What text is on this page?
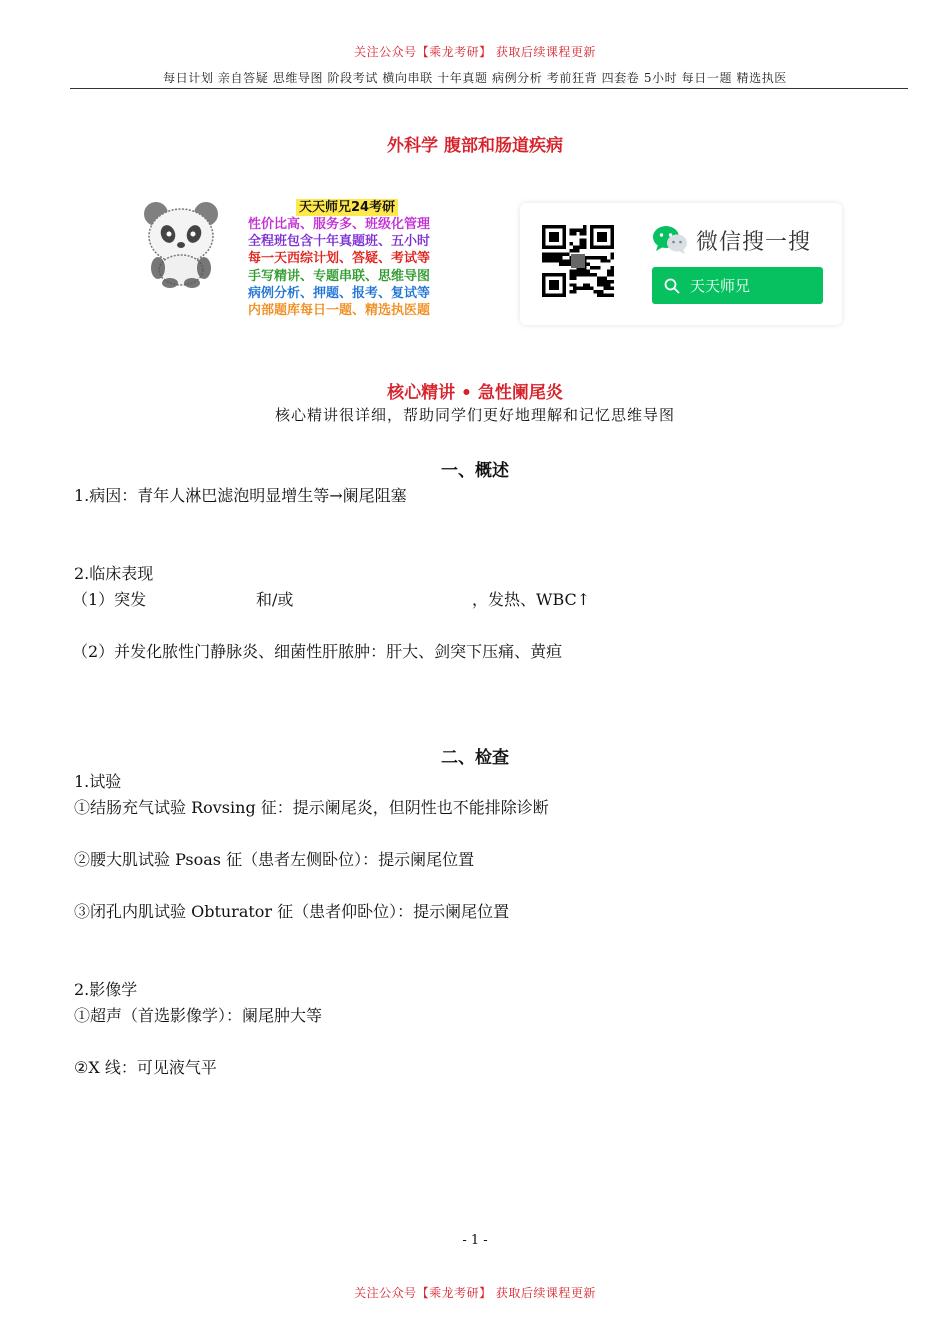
关注公众号【乘龙考研】 获取后续课程更新
每日计划 亲自答疑 思维导图 阶段考试 横向串联 十年真题 病例分析 考前狂背 四套卷 5小时 每日一题 精选执医
外科学 腹部和肠道疾病
天天师兄24考研
性价比高、服务多、班级化管理
全程班包含十年真题班、五小时
每一天西综计划、答疑、考试等
手写精讲、专题串联、思维导图
病例分析、押题、报考、复试等
内部题库每日一题、精选执医题
微信搜一搜
天天师兄
核心精讲 • 急性阑尾炎
核心精讲很详细，帮助同学们更好地理解和记忆思维导图
一、概述
1.病因：青年人淋巴滤泡明显增生等→阑尾阻塞
2.临床表现
（1）突发	和/或	，发热、WBC↑
（2）并发化脓性门静脉炎、细菌性肝脓肿：肝大、剑突下压痛、黄疸
二、检查
1.试验
①结肠充气试验 Rovsing 征：提示阑尾炎，但阴性也不能排除诊断
②腰大肌试验 Psoas 征（患者左侧卧位）：提示阑尾位置
③闭孔内肌试验 Obturator 征（患者仰卧位）：提示阑尾位置
2.影像学
①超声（首选影像学）：阑尾肿大等
②X 线：可见液气平
- 1 -
关注公众号【乘龙考研】 获取后续课程更新
